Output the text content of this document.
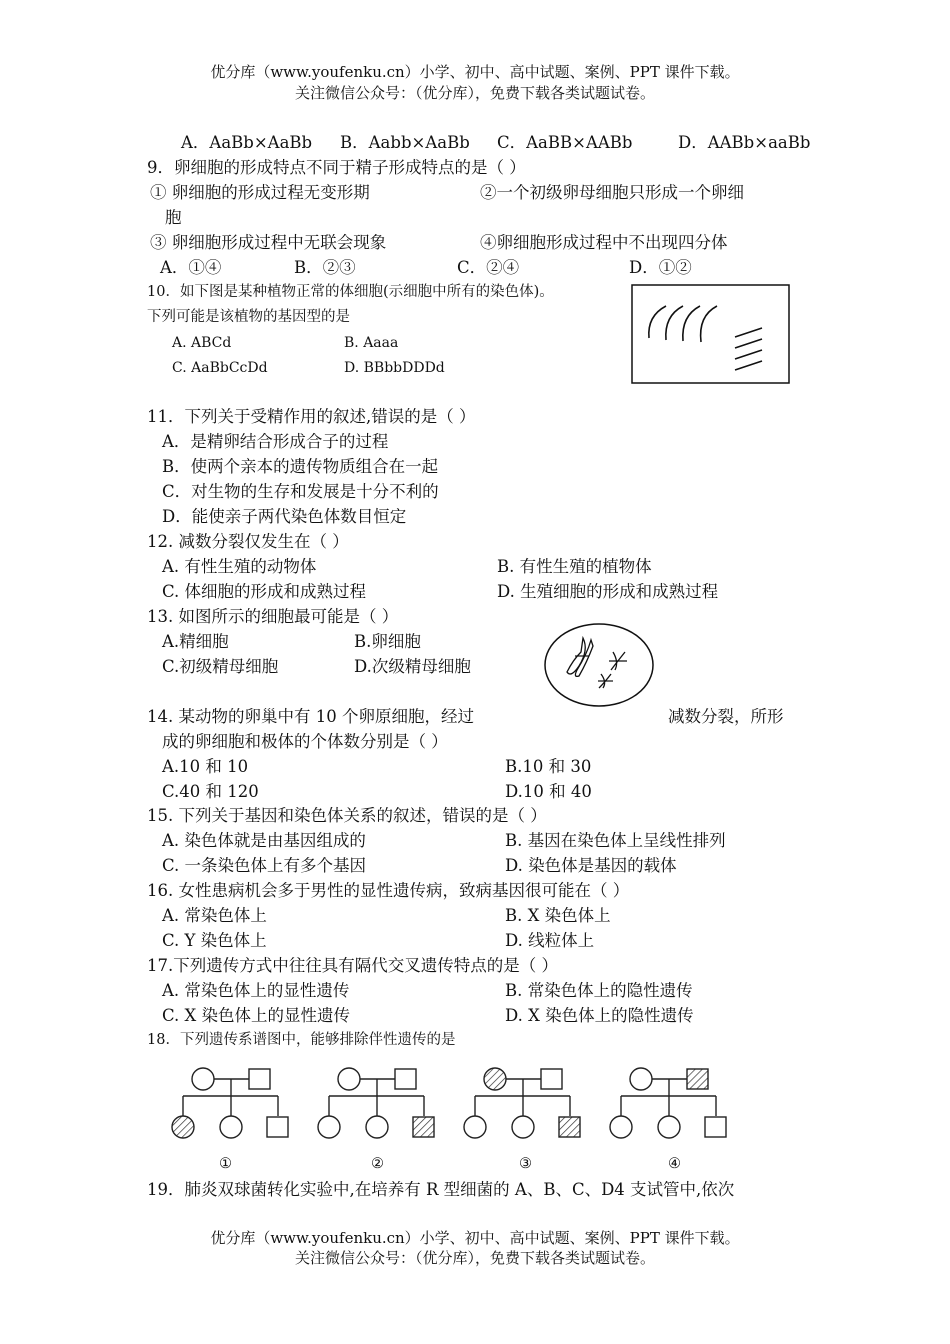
优分库（www.youfenku.cn）小学、初中、高中试题、案例、PPT 课件下载。
关注微信公众号：（优分库），免费下载各类试题试卷。
A．AaBb×AaBb B．Aabb×AaBb C．AaBB×AABb	D．AABb×aaBb
9．卵细胞的形成特点不同于精子形成特点的是（ ）
① 卵细胞的形成过程无变形期	②一个初级卵母细胞只形成一个卵细
胞
③ 卵细胞形成过程中无联会现象	④卵细胞形成过程中不出现四分体
A．①④	B．②③	C．②④	D．①②
10．如下图是某种植物正常的体细胞(示细胞中所有的染色体)。
下列可能是该植物的基因型的是
A. ABCd	B. Aaaa
C. AaBbCcDd	D. BBbbDDDd
11．下列关于受精作用的叙述,错误的是（ ）
A．是精卵结合形成合子的过程
B．使两个亲本的遗传物质组合在一起
C．对生物的生存和发展是十分不利的
D．能使亲子两代染色体数目恒定
12. 减数分裂仅发生在（ ）
A. 有性生殖的动物体	B. 有性生殖的植物体
C. 体细胞的形成和成熟过程	D. 生殖细胞的形成和成熟过程
13. 如图所示的细胞最可能是（ ）
A.精细胞	B.卵细胞
C.初级精母细胞	D.次级精母细胞
14. 某动物的卵巢中有 10 个卵原细胞，经过	减数分裂，所形
成的卵细胞和极体的个体数分别是（ ）
A.10 和 10	B.10 和 30
C.40 和 120	D.10 和 40
15. 下列关于基因和染色体关系的叙述，错误的是（ ）
A. 染色体就是由基因组成的	B. 基因在染色体上呈线性排列
C. 一条染色体上有多个基因	D. 染色体是基因的载体
16. 女性患病机会多于男性的显性遗传病，致病基因很可能在（ ）
A. 常染色体上	B. X 染色体上
C. Y 染色体上	D. 线粒体上
17.下列遗传方式中往往具有隔代交叉遗传特点的是（ ）
A. 常染色体上的显性遗传	B. 常染色体上的隐性遗传
C. X 染色体上的显性遗传	D. X 染色体上的隐性遗传
18．下列遗传系谱图中，能够排除伴性遗传的是
①	②	③	④
19．肺炎双球菌转化实验中,在培养有 R 型细菌的 A、B、C、D4 支试管中,依次
优分库（www.youfenku.cn）小学、初中、高中试题、案例、PPT 课件下载。
关注微信公众号：（优分库），免费下载各类试题试卷。
